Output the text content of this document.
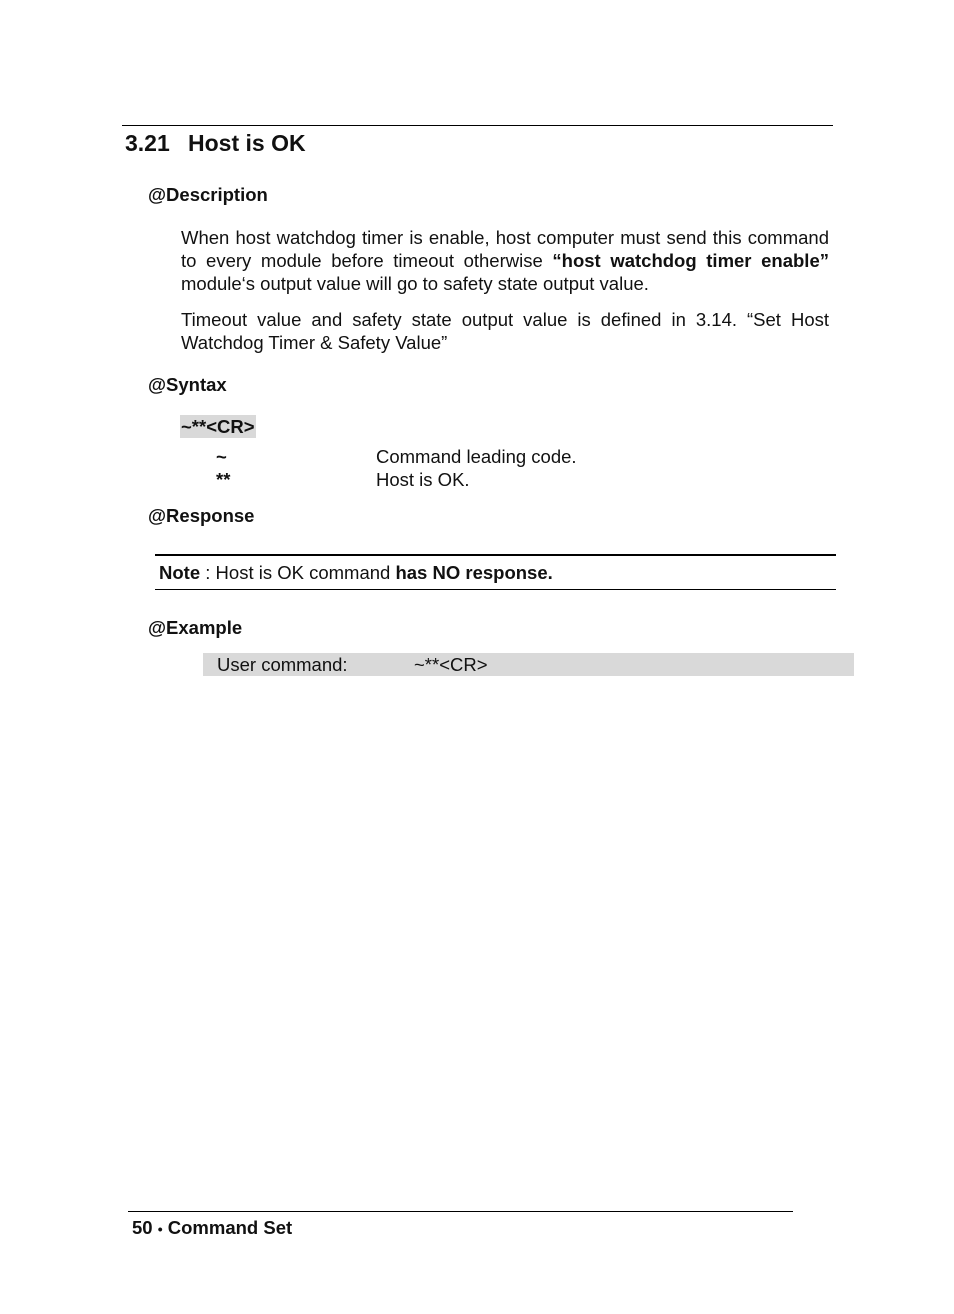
3.21 Host is OK
@Description
When host watchdog timer is enable, host computer must send this command to every module before timeout otherwise “host watchdog timer enable” module‘s output value will go to safety state output value.
Timeout value and safety state output value is defined in 3.14. “Set Host Watchdog Timer & Safety Value”
@Syntax
~**<CR>
~	Command leading code.
**	Host is OK.
@Response
Note : Host is OK command has NO response.
@Example
User command:	~**<CR>
50 • Command Set
